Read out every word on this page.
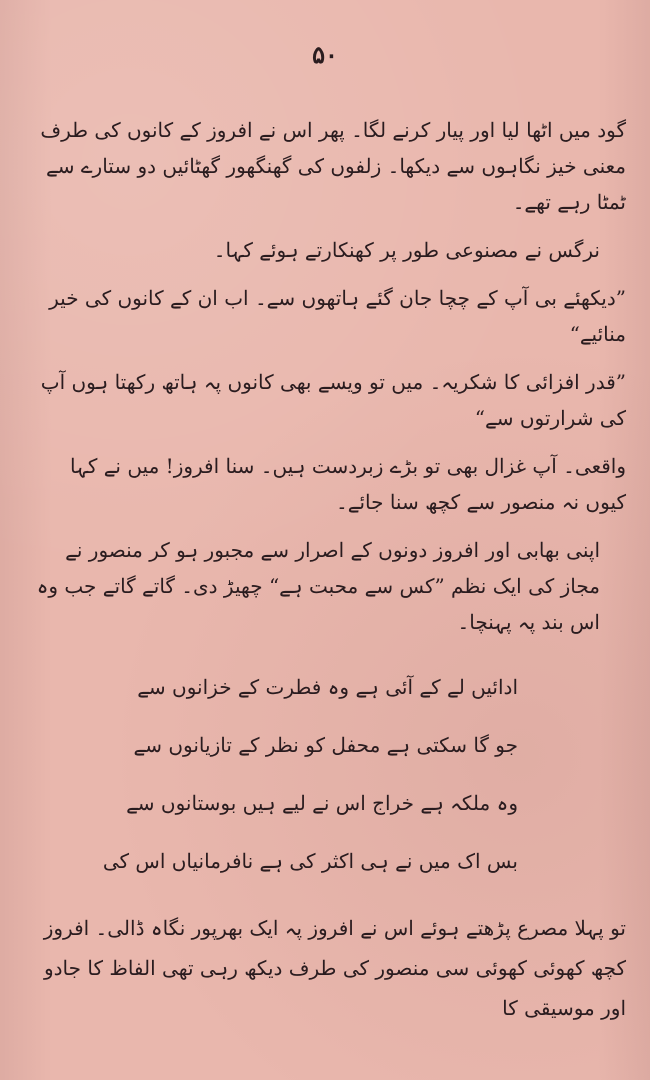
۵۰

گود میں اٹھا لیا اور پیار کرنے لگا۔ پھر اس نے افروز کے کانوں کی طرف معنی خیز نگاہوں سے دیکھا۔ زلفوں کی گھنگھور گھٹائیں دو ستارے سے ٹمٹا رہے تھے۔

نرگس نے مصنوعی طور پر کھنکارتے ہوئے کہا۔

”دیکھئے بی آپ کے چچا جان گئے ہاتھوں سے۔ اب ان کے کانوں کی خیر منائیے“

”قدر افزائی کا شکریہ۔ میں تو ویسے بھی کانوں پہ ہاتھ رکھتا ہوں آپ کی شرارتوں سے“

واقعی۔ آپ غزال بھی تو بڑے زبردست ہیں۔ سنا افروز! میں نے کہا کیوں نہ منصور سے کچھ سنا جائے۔

اپنی بھابی اور افروز دونوں کے اصرار سے مجبور ہو کر منصور نے مجاز کی ایک نظم ”کس سے محبت ہے“ چھیڑ دی۔ گاتے گاتے جب وہ اس بند پہ پہنچا۔

ادائیں لے کے آئی ہے وہ فطرت کے خزانوں سے
جو گا سکتی ہے محفل کو نظر کے تازیانوں سے
وہ ملکہ ہے خراج اس نے لیے ہیں بوستانوں سے
بس اک میں نے ہی اکثر کی ہے نافرمانیاں اس کی

تو پہلا مصرع پڑھتے ہوئے اس نے افروز پہ ایک بھرپور نگاہ ڈالی۔ افروز کچھ کھوئی کھوئی سی منصور کی طرف دیکھ رہی تھی الفاظ کا جادو اور موسیقی کا
